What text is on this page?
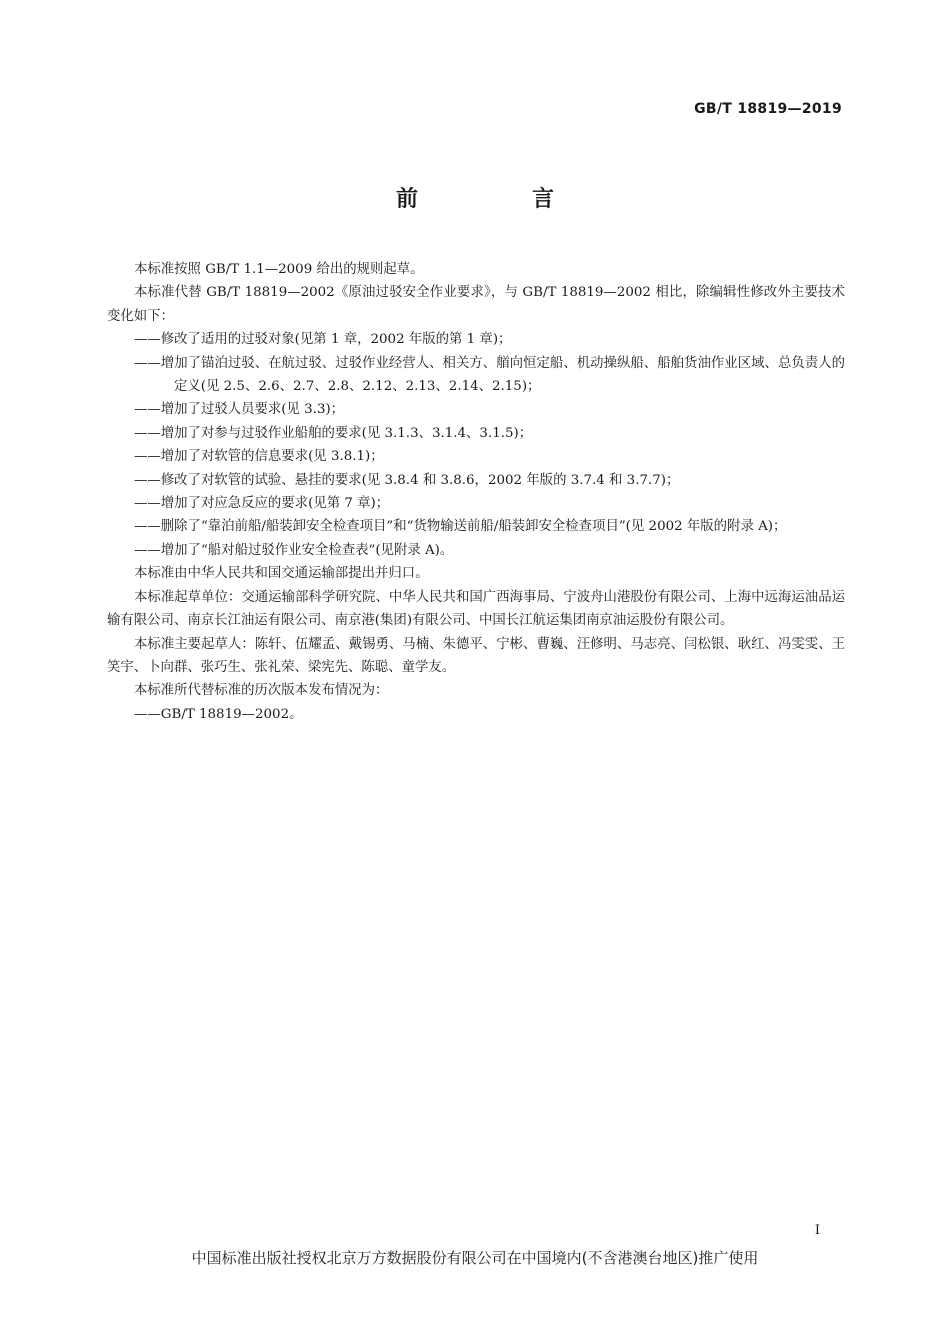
GB/T 18819—2019
前　言

本标准按照 GB/T 1.1—2009 给出的规则起草。

本标准代替 GB/T 18819—2002《原油过驳安全作业要求》，与 GB/T 18819—2002 相比，除编辑性修改外主要技术变化如下：

——修改了适用的过驳对象(见第 1 章，2002 年版的第 1 章)；

——增加了锚泊过驳、在航过驳、过驳作业经营人、相关方、艏向恒定船、机动操纵船、船舶货油作业区域、总负责人的定义(见 2.5、2.6、2.7、2.8、2.12、2.13、2.14、2.15)；

——增加了过驳人员要求(见 3.3)；

——增加了对参与过驳作业船舶的要求(见 3.1.3、3.1.4、3.1.5)；

——增加了对软管的信息要求(见 3.8.1)；

——修改了对软管的试验、悬挂的要求(见 3.8.4 和 3.8.6，2002 年版的 3.7.4 和 3.7.7)；

——增加了对应急反应的要求(见第 7 章)；

——删除了“靠泊前船/船装卸安全检查项目”和“货物输送前船/船装卸安全检查项目”(见 2002 年版的附录 A)；

——增加了“船对船过驳作业安全检查表”(见附录 A)。

本标准由中华人民共和国交通运输部提出并归口。

本标准起草单位：交通运输部科学研究院、中华人民共和国广西海事局、宁波舟山港股份有限公司、上海中远海运油品运输有限公司、南京长江油运有限公司、南京港(集团)有限公司、中国长江航运集团南京油运股份有限公司。

本标准主要起草人：陈轩、伍耀孟、戴锡勇、马楠、朱德平、宁彬、曹巍、汪修明、马志亮、闫松银、耿红、冯雯雯、王笑宇、卜向群、张巧生、张礼荣、梁宪先、陈聪、童学友。

本标准所代替标准的历次版本发布情况为：

——GB/T 18819—2002。

I
中国标准出版社授权北京万方数据股份有限公司在中国境内(不含港澳台地区)推广使用
